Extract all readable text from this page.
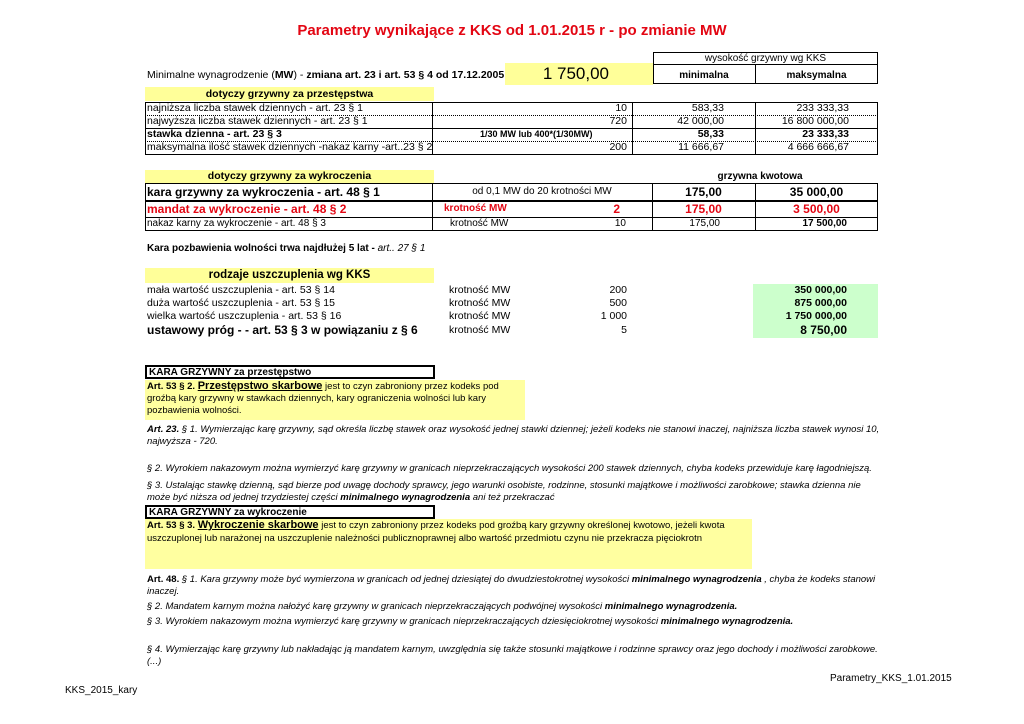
Parametry wynikające z KKS od 1.01.2015 r - po zmianie MW
Minimalne wynagrodzenie (MW) - zmiana art. 23 i art. 53 § 4 od 17.12.2005	1 750,00
wysokość grzywny wg KKS
minimalna	maksymalna
dotyczy grzywny za przestępstwa
najniższa liczba stawek dziennych - art. 23 § 1	10	583,33	233 333,33
najwyższa liczba stawek dziennych - art. 23 § 1	720	42 000,00	16 800 000,00
stawka dzienna - art. 23 § 3	1/30 MW lub 400*(1/30MW)	58,33	23 333,33
maksymalna ilość stawek dziennych -nakaz karny -art..23 § 2	200	11 666,67	4 666 666,67
dotyczy grzywny za wykroczenia	grzywna kwotowa
kara grzywny za wykroczenia - art. 48 § 1	od 0,1 MW do 20 krotności MW	175,00	35 000,00
mandat za wykroczenie - art. 48 § 2	krotność MW	2	175,00	3 500,00
nakaz karny za wykroczenie - art. 48 § 3	krotność MW	10	175,00	17 500,00
Kara pozbawienia wolności trwa najdłużej 5 lat - art.. 27 § 1
rodzaje uszczuplenia wg KKS
mała wartość uszczuplenia - art. 53 § 14	krotność MW	200	350 000,00
duża wartość uszczuplenia - art. 53 § 15	krotność MW	500	875 000,00
wielka wartość uszczuplenia - art. 53 § 16	krotność MW	1 000	1 750 000,00
ustawowy próg - - art. 53 § 3 w powiązaniu z § 6	krotność MW	5	8 750,00
KARA GRZYWNY za przestępstwo
Art. 53 § 2. Przestępstwo skarbowe jest to czyn zabroniony przez kodeks pod groźbą kary grzywny w stawkach dziennych, kary ograniczenia wolności lub kary pozbawienia wolności.
Art. 23. § 1. Wymierzając karę grzywny, sąd określa liczbę stawek oraz wysokość jednej stawki dziennej; jeżeli kodeks nie stanowi inaczej, najniższa liczba stawek wynosi 10, najwyższa - 720.
§ 2. Wyrokiem nakazowym można wymierzyć karę grzywny w granicach nieprzekraczających wysokości 200 stawek dziennych, chyba kodeks przewiduje karę łagodniejszą.
§ 3. Ustalając stawkę dzienną, sąd bierze pod uwagę dochody sprawcy, jego warunki osobiste, rodzinne, stosunki majątkowe i możliwości zarobkowe; stawka dzienna nie może być niższa od jednej trzydziestej części minimalnego wynagrodzenia ani też przekraczać
KARA GRZYWNY za wykroczenie
Art. 53 § 3. Wykroczenie skarbowe jest to czyn zabroniony przez kodeks pod groźbą kary grzywny określonej kwotowo, jeżeli kwota uszczuplonej lub narażonej na uszczuplenie należności publicznoprawnej albo wartość przedmiotu czynu nie przekracza pięciokrotn
Art. 48. § 1. Kara grzywny może być wymierzona w granicach od jednej dziesiątej do dwudziestokrotnej wysokości minimalnego wynagrodzenia , chyba że kodeks stanowi inaczej.
§ 2. Mandatem karnym można nałożyć karę grzywny w granicach nieprzekraczających podwójnej wysokości minimalnego wynagrodzenia.
§ 3. Wyrokiem nakazowym można wymierzyć karę grzywny w granicach nieprzekraczających dziesięciokrotnej wysokości minimalnego wynagrodzenia.
§ 4. Wymierzając karę grzywny lub nakładając ją mandatem karnym, uwzględnia się także stosunki majątkowe i rodzinne sprawcy oraz jego dochody i możliwości zarobkowe. (...)
Parametry_KKS_1.01.2015
KKS_2015_kary
